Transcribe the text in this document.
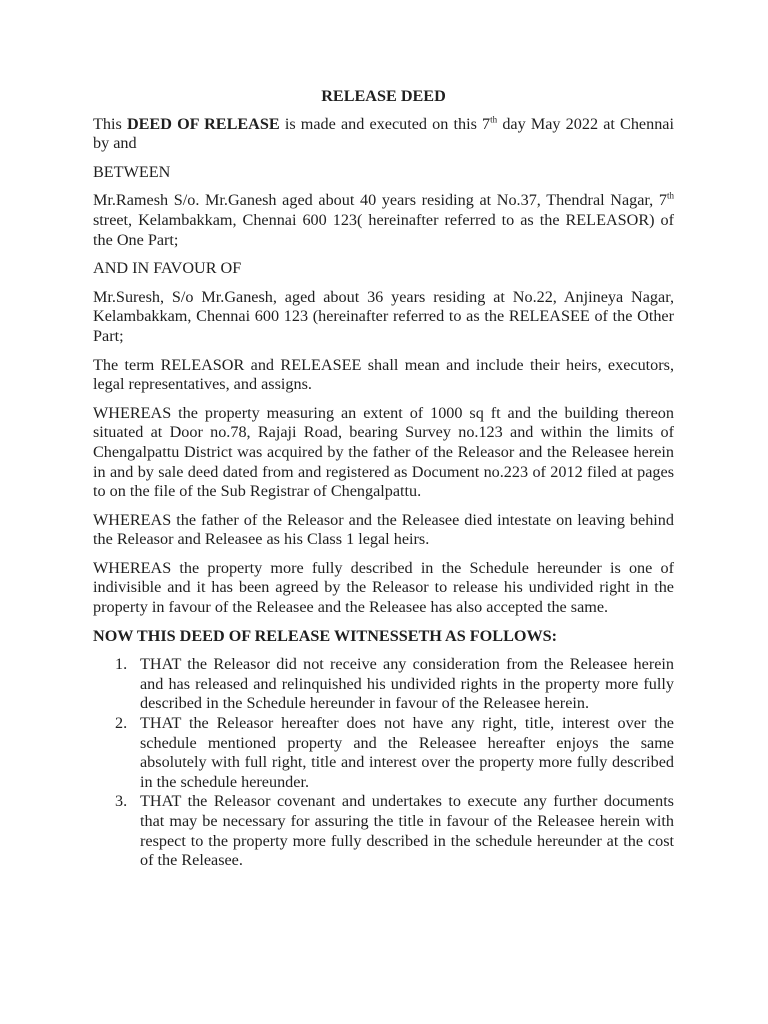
RELEASE DEED

This DEED OF RELEASE is made and executed on this 7th day May 2022 at Chennai by and

BETWEEN

Mr.Ramesh S/o. Mr.Ganesh aged about 40 years residing at No.37, Thendral Nagar, 7th street, Kelambakkam, Chennai 600 123( hereinafter referred to as the RELEASOR) of the One Part;

AND IN FAVOUR OF

Mr.Suresh, S/o Mr.Ganesh, aged about 36 years residing at No.22, Anjineya Nagar, Kelambakkam, Chennai 600 123 (hereinafter referred to as the RELEASEE of the Other Part;

The term RELEASOR and RELEASEE shall mean and include their heirs, executors, legal representatives, and assigns.

WHEREAS the property measuring an extent of 1000 sq ft and the building thereon situated at Door no.78, Rajaji Road, bearing Survey no.123 and within the limits of Chengalpattu District was acquired by the father of the Releasor and the Releasee herein in and by sale deed dated from and registered as Document no.223 of 2012 filed at pages to on the file of the Sub Registrar of Chengalpattu.

WHEREAS the father of the Releasor and the Releasee died intestate on leaving behind the Releasor and Releasee as his Class 1 legal heirs.

WHEREAS the property more fully described in the Schedule hereunder is one of indivisible and it has been agreed by the Releasor to release his undivided right in the property in favour of the Releasee and the Releasee has also accepted the same.

NOW THIS DEED OF RELEASE WITNESSETH AS FOLLOWS:
1. THAT the Releasor did not receive any consideration from the Releasee herein and has released and relinquished his undivided rights in the property more fully described in the Schedule hereunder in favour of the Releasee herein.
2. THAT the Releasor hereafter does not have any right, title, interest over the schedule mentioned property and the Releasee hereafter enjoys the same absolutely with full right, title and interest over the property more fully described in the schedule hereunder.
3. THAT the Releasor covenant and undertakes to execute any further documents that may be necessary for assuring the title in favour of the Releasee herein with respect to the property more fully described in the schedule hereunder at the cost of the Releasee.
